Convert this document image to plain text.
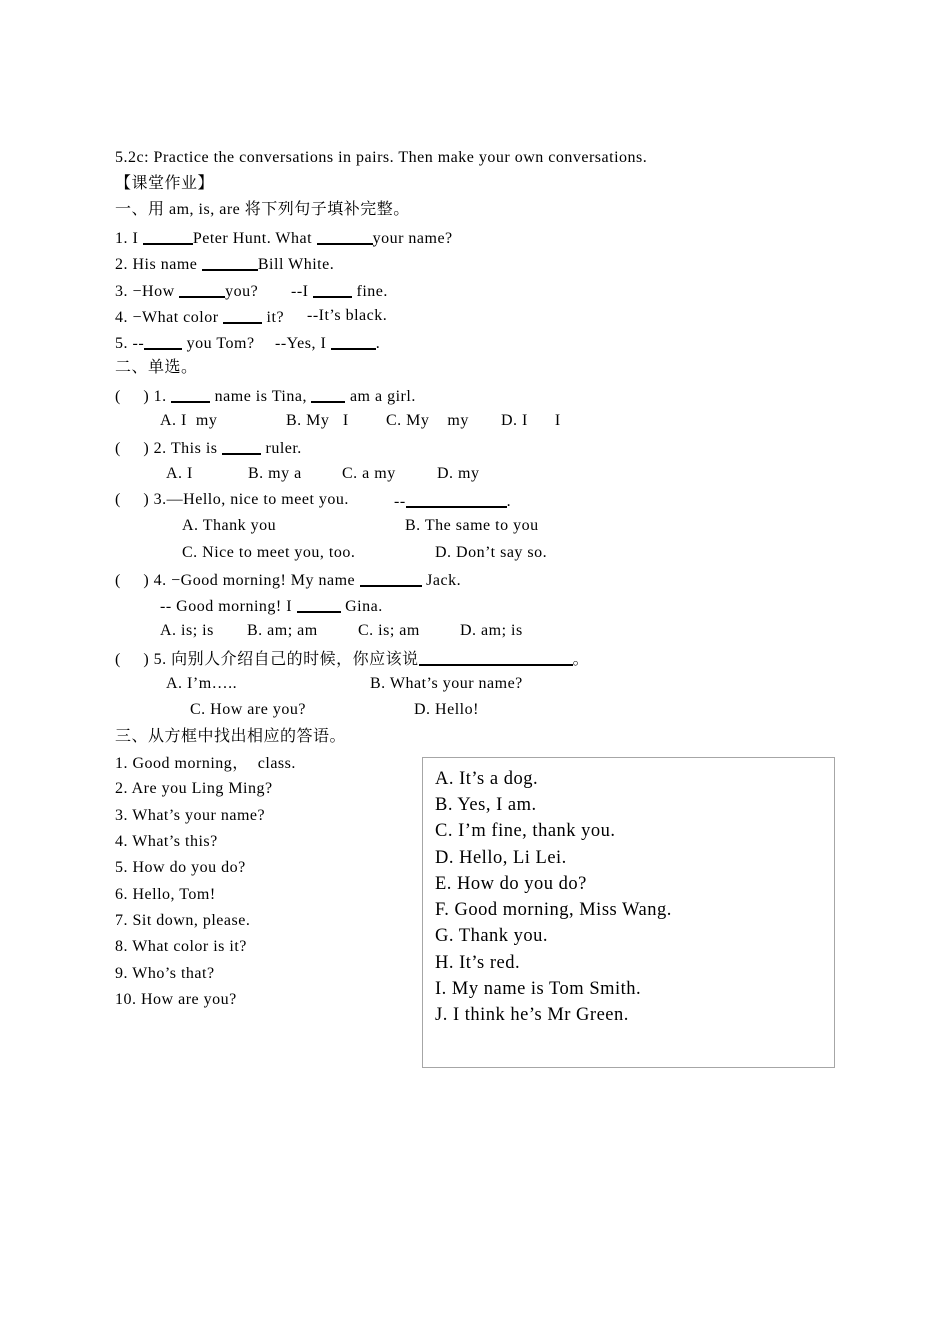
5.2c: Practice the conversations in pairs. Then make your own conversations.
【课堂作业】
一、用 am, is, are 将下列句子填补完整。
1. I	Peter Hunt. What	your name?
2. His name	Bill White.
3. −How	you? --I fine.
4. −What color it? --It’s black.
5. -- you Tom? --Yes, I	.
二、单选。
(     ) 1. name is Tina, am a girl.
A. I  my	B. My   I C. My    my D. I      I
(     ) 2. This is ruler.
A. I	B. my a	C. a my	D. my
(     ) 3.—Hello, nice to meet you.	--	.
A. Thank you	B. The same to you
C. Nice to meet you, too.	D. Don’t say so.
(     ) 4. −Good morning! My name	Jack.
-- Good morning! I	Gina.
A. is; is B. am; am	C. is; am	D. am; is
(     ) 5. 向别人介绍自己的时候，你应该说	。
A. I’m…..	B. What’s your name?
C. How are you?	D. Hello!
三、从方框中找出相应的答语。
1. Good morning，  class.
2. Are you Ling Ming?
3. What’s your name?
4. What’s this?
5. How do you do?
6. Hello, Tom!
7. Sit down, please.
8. What color is it?
9. Who’s that?
10. How are you?
A. It’s a dog.
B. Yes, I am.
C. I’m fine, thank you.
D. Hello, Li Lei.
E. How do you do?
F. Good morning, Miss Wang.
G. Thank you.
H. It’s red.
I. My name is Tom Smith.
J. I think he’s Mr Green.
